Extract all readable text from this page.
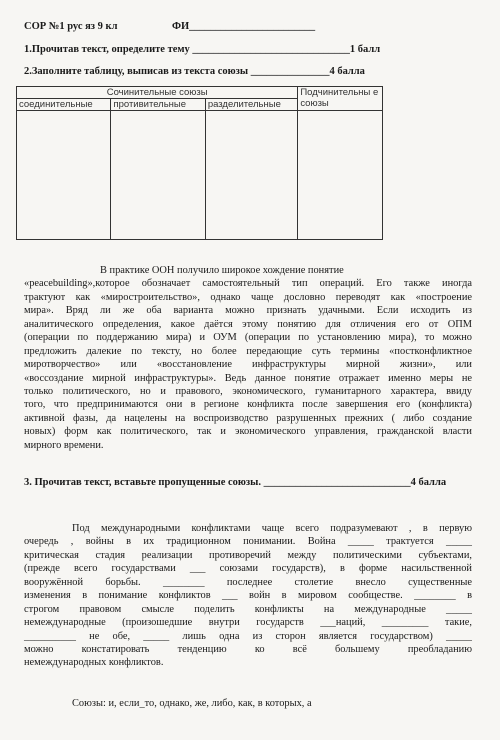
СОР №1 рус яз 9 кл	ФИ________________________
1.Прочитав текст, определите тему ______________________________1 балл
2.Заполните таблицу, выписав из текста союзы _______________4 балла
Сочинительные союзы			Подчинительны е союзы
соединительные	противительные	разделительные	

В практике ООН получило широкое хождение понятие
«peacebuilding»,которое обозначает самостоятельный тип операций. Его также иногда
трактуют как «миростроительство», однако чаще дословно переводят как «построение
мира». Вряд ли же оба варианта можно признать удачными. Если исходить из
аналитического определения, какое даётся этому понятию для отличения его от ОПМ
(операции по поддержанию мира) и ОУМ (операции по установлению мира), то можно
предложить далекие по тексту, но более передающие суть термины «постконфликтное
миротворчество» или «восстановление инфраструктуры мирной жизни», или
«воссоздание мирной инфраструктуры». Ведь данное понятие отражает именно меры не
только политического, но и правового, экономического, гуманитарного характера, ввиду
того, что предпринимаются они в регионе конфликта после завершения его (конфликта)
активной фазы, да нацелены на воспроизводство разрушенных прежних ( либо создание
новых) форм как политического, так и экономического управления, гражданской власти
мирного времени.
3. Прочитав текст, вставьте пропущенные союзы. ____________________________4 балла
Под международными конфликтами чаще всего подразумевают , в первую
очередь , войны в их традиционном понимании. Война _____ трактуется _____
критическая стадия реализации противоречий между политическими субъектами,
(прежде всего государствами ___ союзами государств), в форме насильственной
вооружённой борьбы. ________ последнее столетие внесло существенные
изменения в понимание конфликтов ___ войн в мировом сообществе. ________ в
строгом правовом смысле поделить конфликты на международные _____
немеждународные (произошедшие внутри государств ___наций, _________ такие,
__________ не обе, _____ лишь одна из сторон является государством) _____
можно констатировать тенденцию ко всё большему преобладанию
немеждународных конфликтов.
Союзы: и, если_то, однако, же, либо, как, в которых, а
